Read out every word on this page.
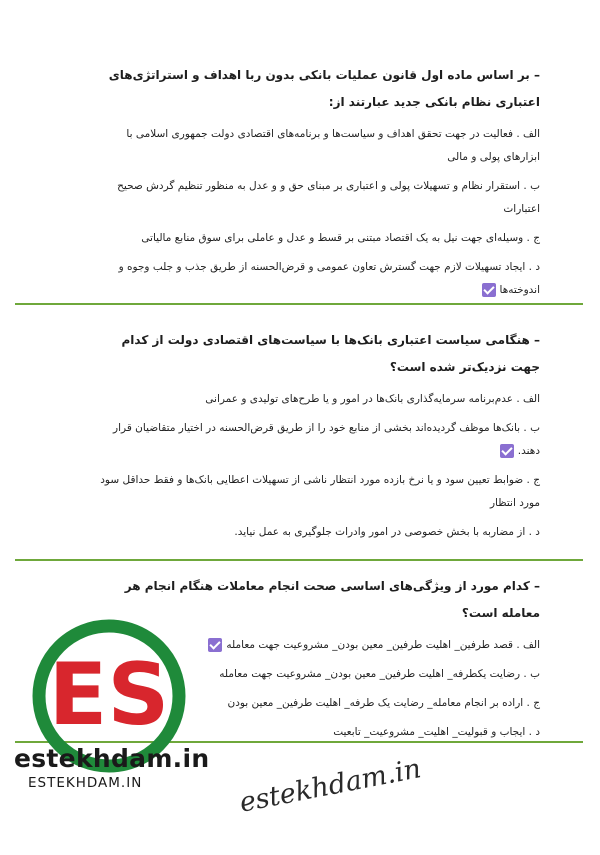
– بر اساس ماده اول قانون عملیات بانکی بدون ربا اهداف و استراتژی‌های اعتباری نظام بانکی جدید عبارتند از:

الف . فعالیت در جهت تحقق اهداف و سیاست‌ها و برنامه‌های اقتصادی دولت جمهوری اسلامی با ابزارهای پولی و مالی

ب . استقرار نظام و تسهیلات پولی و اعتباری بر مبنای حق و و عدل به منظور تنظیم گردش صحیح اعتبارات

ج . وسیله‌ای جهت نیل به یک اقتصاد مبتنی بر قسط و عدل و عاملی برای سوق منابع مالیاتی

د . ایجاد تسهیلات لازم جهت گسترش تعاون عمومی و قرض‌الحسنه از طریق جذب و جلب وجوه و اندوخته‌ها

– هنگامی سیاست اعتباری بانک‌ها با سیاست‌های اقتصادی دولت از کدام جهت نزدیک‌تر شده است؟

الف . عدم‌برنامه سرمایه‌گذاری بانک‌ها در امور و یا طرح‌های تولیدی و عمرانی

ب . بانک‌ها موظف گردیده‌اند بخشی از منابع خود را از طریق قرض‌الحسنه در اختیار متقاضیان قرار دهند.

ج . ضوابط تعیین سود و یا نرخ بازده مورد انتظار ناشی از تسهیلات اعطایی بانک‌ها و فقط حداقل سود مورد انتظار

د . از مضاربه با بخش خصوصی در امور وادرات جلوگیری به عمل نیاید.

– کدام مورد از ویژگی‌های اساسی صحت انجام معاملات هنگام انجام هر معامله است؟

الف . قصد طرفین_ اهلیت طرفین_ معین بودن_ مشروعیت جهت معامله

ب . رضایت یکطرفه_ اهلیت طرفین_ معین بودن_ مشروعیت جهت معامله

ج . اراده بر انجام معامله_ رضایت یک طرفه_ اهلیت طرفین_ معین بودن

د . ایجاب و قبولیت_ اهلیت_ مشروعیت_ تابعیت

ES
estekhdam.in
ESTEKHDAM.IN	estekhdam.in
